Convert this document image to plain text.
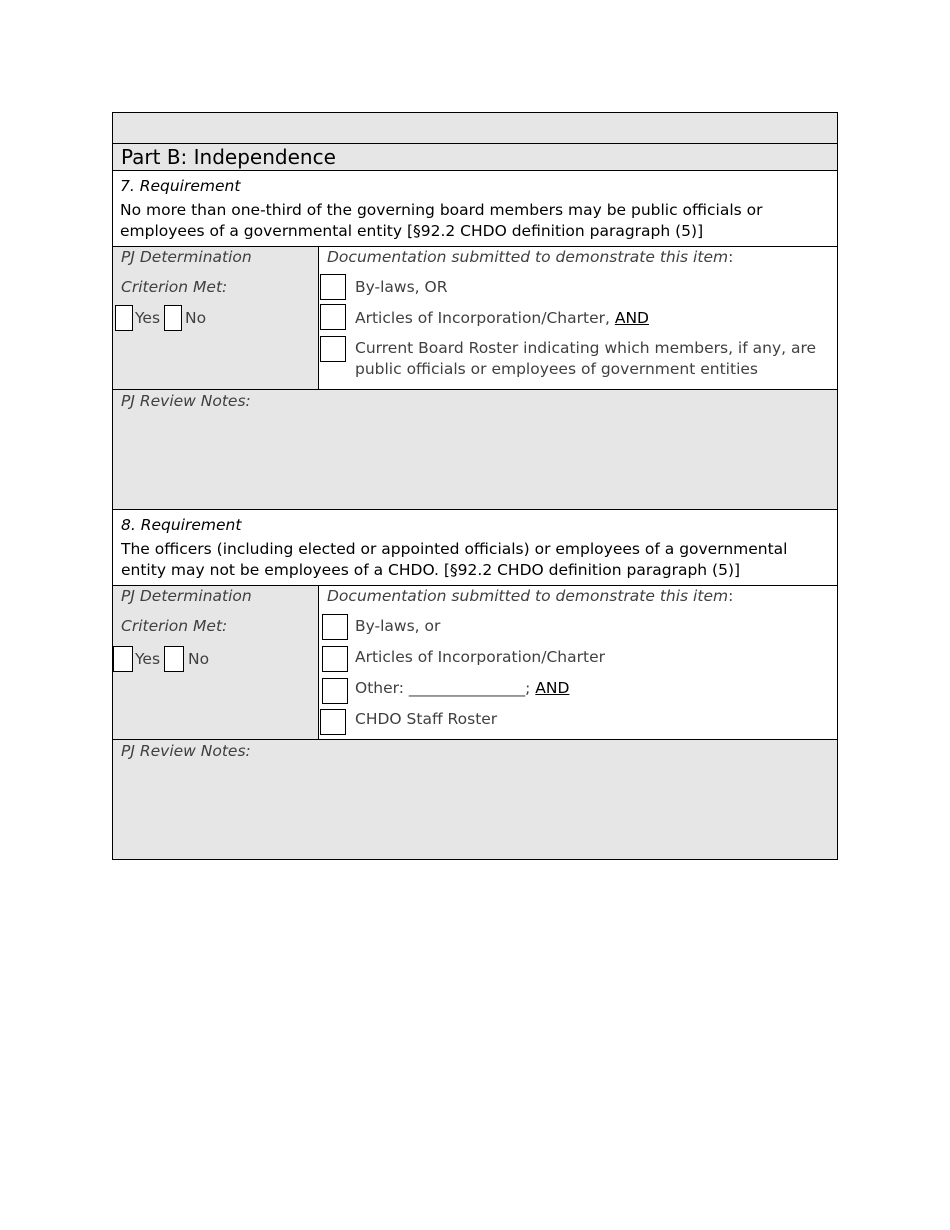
Part B: Independence
7. Requirement
No more than one-third of the governing board members may be public officials or employees of a governmental entity [§92.2 CHDO definition paragraph (5)]
PJ Determination
Criterion Met:
Yes No
Documentation submitted to demonstrate this item:
By-laws, OR
Articles of Incorporation/Charter, AND
Current Board Roster indicating which members, if any, are public officials or employees of government entities
PJ Review Notes:
8. Requirement
The officers (including elected or appointed officials) or employees of a governmental entity may not be employees of a CHDO. [§92.2 CHDO definition paragraph (5)]
PJ Determination
Criterion Met:
Yes No
Documentation submitted to demonstrate this item:
By-laws, or
Articles of Incorporation/Charter
Other: _______________; AND
CHDO Staff Roster
PJ Review Notes:
